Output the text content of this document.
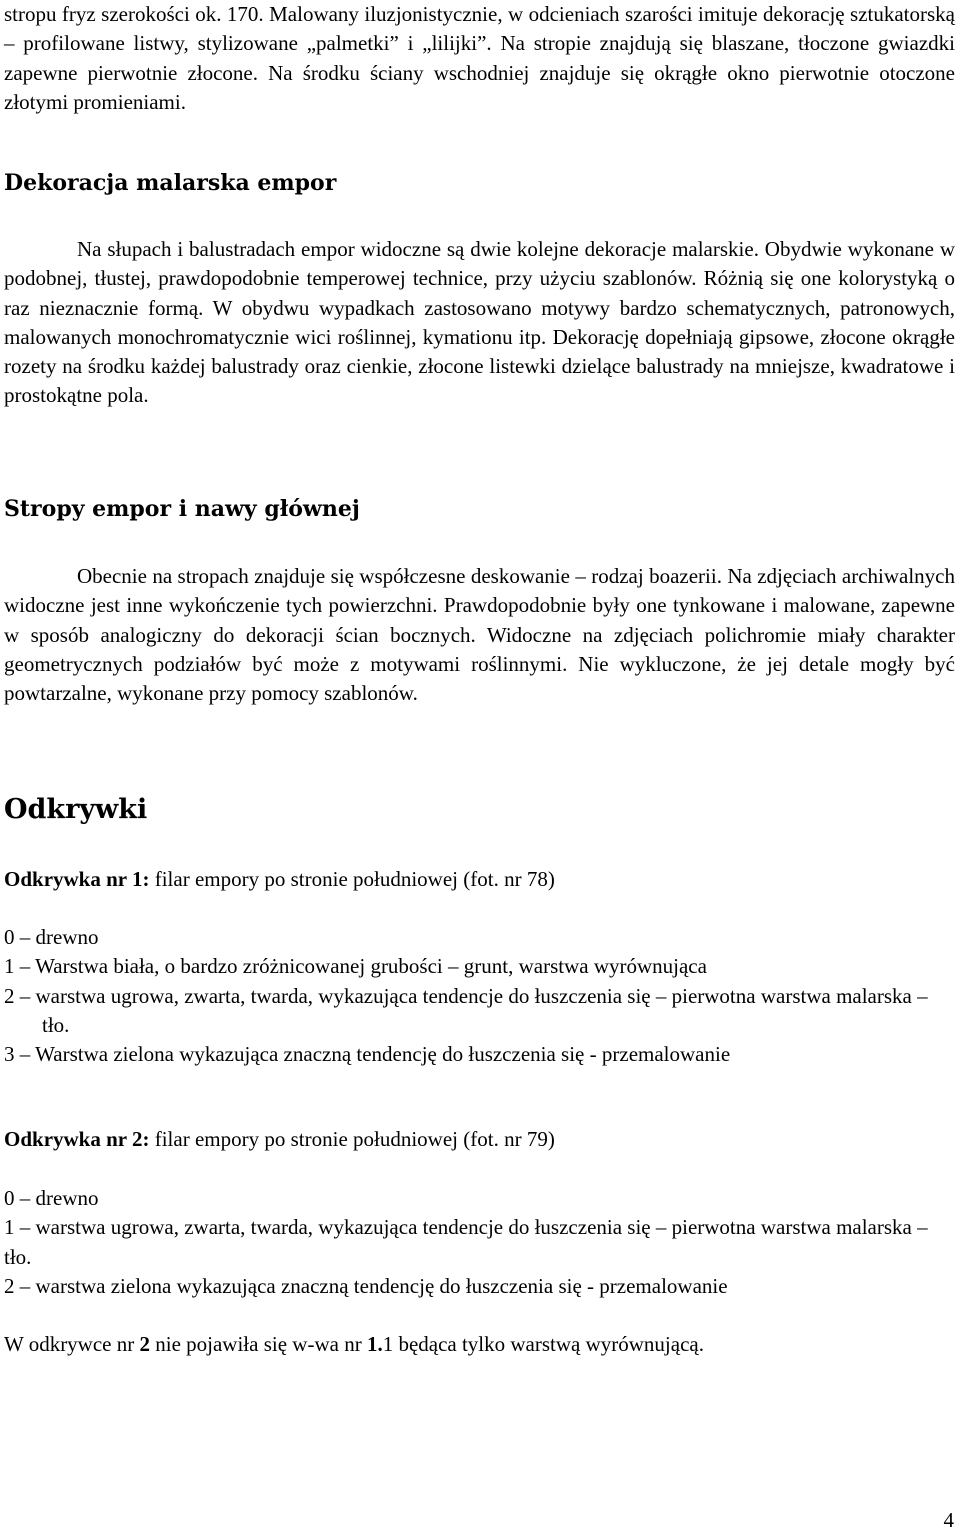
stropu fryz szerokości ok. 170. Malowany iluzjonistycznie, w odcieniach szarości imituje dekorację sztukatorską – profilowane listwy, stylizowane „palmetki” i „lilijki”. Na stropie znajdują się blaszane, tłoczone gwiazdki zapewne pierwotnie złocone. Na środku ściany wschodniej znajduje się okrągłe okno pierwotnie otoczone złotymi promieniami.

Dekoracja malarska empor

Na słupach i balustradach empor widoczne są dwie kolejne dekoracje malarskie. Obydwie wykonane w podobnej, tłustej, prawdopodobnie temperowej technice, przy użyciu szablonów. Różnią się one kolorystyką o raz nieznacznie formą. W obydwu wypadkach zastosowano motywy bardzo schematycznych, patronowych, malowanych monochromatycznie wici roślinnej, kymationu itp. Dekorację dopełniają gipsowe, złocone okrągłe rozety na środku każdej balustrady oraz cienkie, złocone listewki dzielące balustrady na mniejsze, kwadratowe i prostokątne pola.

Stropy empor i nawy głównej

Obecnie na stropach znajduje się współczesne deskowanie – rodzaj boazerii. Na zdjęciach archiwalnych widoczne jest inne wykończenie tych powierzchni. Prawdopodobnie były one tynkowane i malowane, zapewne w sposób analogiczny do dekoracji ścian bocznych. Widoczne na zdjęciach polichromie miały charakter geometrycznych podziałów być może z motywami roślinnymi. Nie wykluczone, że jej detale mogły być powtarzalne, wykonane przy pomocy szablonów.

Odkrywki

Odkrywka nr 1: filar empory po stronie południowej (fot. nr 78)

0 – drewno

1 – Warstwa biała, o bardzo zróżnicowanej grubości – grunt, warstwa wyrównująca

2 – warstwa ugrowa, zwarta, twarda, wykazująca tendencje do łuszczenia się – pierwotna warstwa malarska – tło.

3 – Warstwa zielona wykazująca znaczną tendencję do łuszczenia się - przemalowanie

Odkrywka nr 2: filar empory po stronie południowej (fot. nr 79)

0 – drewno

1 – warstwa ugrowa, zwarta, twarda, wykazująca tendencje do łuszczenia się – pierwotna warstwa malarska – tło.

2 – warstwa zielona wykazująca znaczną tendencję do łuszczenia się - przemalowanie

W odkrywce nr 2 nie pojawiła się w-wa nr 1.1 będąca tylko warstwą wyrównującą.

4
